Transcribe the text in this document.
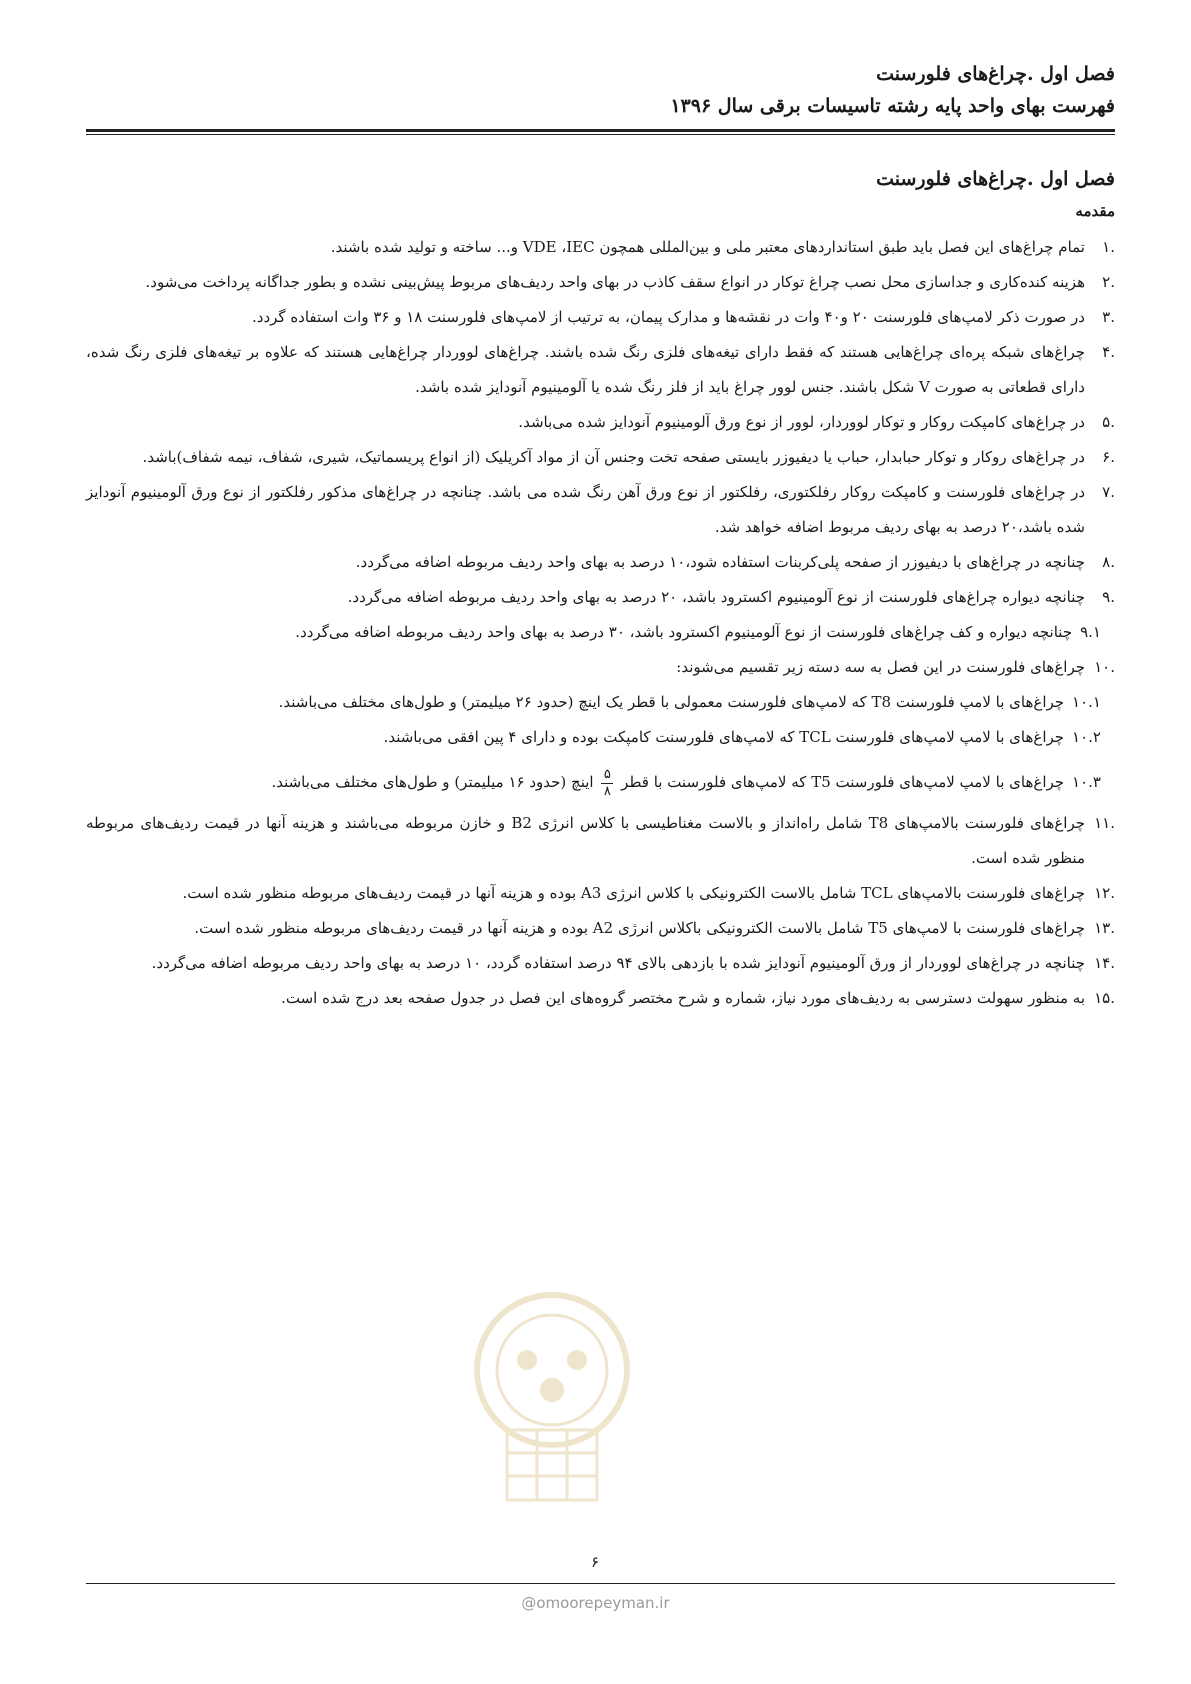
فصل اول .چراغ‌های فلورسنت
فهرست بهای واحد پایه رشته تاسیسات برقی سال ۱۳۹۶
فصل اول .چراغ‌های فلورسنت
مقدمه
.۱
تمام چراغ‌های این فصل باید طبق استانداردهای معتبر ملی و بین‌المللی همچون VDE ،IEC و... ساخته و تولید شده باشند.
.۲
هزینه کنده‌کاری و جداسازی محل نصب چراغ توکار در انواع سقف کاذب در بهای واحد ردیف‌های مربوط پیش‌بینی نشده و بطور جداگانه پرداخت می‌شود.
.۳
در صورت ذکر لامپ‌های فلورسنت ۲۰ و۴۰ وات در نقشه‌ها و مدارک پیمان، به ترتیب از لامپ‌های فلورسنت ۱۸ و ۳۶ وات استفاده گردد.
.۴
چراغ‌های شبکه پره‌ای چراغ‌هایی هستند که فقط دارای تیغه‌های فلزی رنگ شده باشند. چراغ‌های لووردار چراغ‌هایی هستند که علاوه بر تیغه‌های فلزی رنگ شده، دارای قطعاتی به صورت V شکل باشند. جنس لوور چراغ باید از فلز رنگ شده یا آلومینیوم آنودایز شده باشد.
.۵
در چراغ‌های کامپکت روکار و توکار لووردار، لوور از نوع ورق آلومینیوم آنودایز شده می‌باشد.
.۶
در چراغ‌های روکار و توکار حبابدار، حباب یا دیفیوزر بایستی صفحه تخت وجنس آن از مواد آکریلیک (از انواع پریسماتیک، شیری، شفاف، نیمه شفاف)باشد.
.۷
در چراغ‌های فلورسنت و کامپکت روکار رفلکتوری، رفلکتور از نوع ورق آهن رنگ شده می باشد. چنانچه در چراغ‌های مذکور رفلکتور از نوع ورق آلومینیوم آنودایز شده باشد،۲۰ درصد به بهای ردیف مربوط اضافه خواهد شد.
.۸
چنانچه در چراغ‌های با دیفیوزر از صفحه پلی‌کربنات استفاده شود،۱۰ درصد به بهای واحد ردیف مربوطه اضافه می‌گردد.
.۹
چنانچه دیواره چراغ‌های فلورسنت از نوع آلومینیوم اکسترود باشد، ۲۰ درصد به بهای واحد ردیف مربوطه اضافه می‌گردد.
۹.۱
چنانچه دیواره و کف چراغ‌های فلورسنت از نوع آلومینیوم اکسترود باشد، ۳۰ درصد به بهای واحد ردیف مربوطه اضافه می‌گردد.
.۱۰
چراغ‌های فلورسنت در این فصل به سه دسته زیر تقسیم می‌شوند:
۱۰.۱
چراغ‌های با لامپ فلورسنت T8 که لامپ‌های فلورسنت معمولی با قطر یک اینچ (حدود ۲۶ میلیمتر) و طول‌های مختلف می‌باشند.
۱۰.۲
چراغ‌های با لامپ لامپ‌های فلورسنت TCL که لامپ‌های فلورسنت کامپکت بوده و دارای ۴ پین افقی می‌باشند.
۱۰.۳
چراغ‌های با لامپ لامپ‌های فلورسنت T5 که لامپ‌های فلورسنت با قطر
$\frac{۵}{۸}$
اینچ (حدود ۱۶ میلیمتر) و طول‌های مختلف می‌باشند.
.۱۱
چراغ‌های فلورسنت بالامپ‌های T8 شامل راه‌انداز و بالاست مغناطیسی با کلاس انرژی B2 و خازن مربوطه می‌باشند و هزینه آنها در قیمت ردیف‌های مربوطه منظور شده است.
.۱۲
چراغ‌های فلورسنت بالامپ‌های TCL شامل بالاست الکترونیکی با کلاس انرژی A3 بوده و هزینه آنها در قیمت ردیف‌های مربوطه منظور شده است.
.۱۳
چراغ‌های فلورسنت با لامپ‌های T5 شامل بالاست الکترونیکی باکلاس انرژی A2 بوده و هزینه آنها در قیمت ردیف‌های مربوطه منظور شده است.
.۱۴
چنانچه در چراغ‌های لووردار از ورق آلومینیوم آنودایز شده با بازدهی بالای ۹۴ درصد استفاده گردد، ۱۰ درصد به بهای واحد ردیف مربوطه اضافه می‌گردد.
.۱۵
به منظور سهولت دسترسی به ردیف‌های مورد نیاز، شماره و شرح مختصر گروه‌های این فصل در جدول صفحه بعد درج شده است.
۶
@omoorepeyman.ir
